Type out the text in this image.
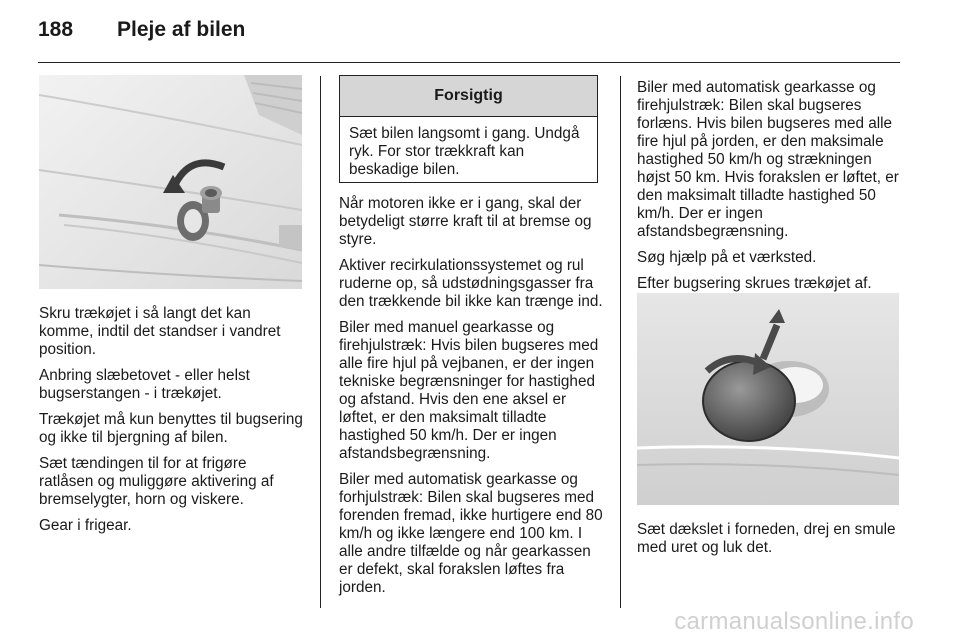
188 Pleje af bilen

Skru trækøjet i så langt det kan komme, indtil det standser i vandret position.

Anbring slæbetovet - eller helst bugserstangen - i trækøjet.

Trækøjet må kun benyttes til bugsering og ikke til bjergning af bilen.

Sæt tændingen til for at frigøre ratlåsen og muliggøre aktivering af bremselygter, horn og viskere.

Gear i frigear.

Forsigtig
Sæt bilen langsomt i gang. Undgå ryk. For stor trækkraft kan beskadige bilen.

Når motoren ikke er i gang, skal der betydeligt større kraft til at bremse og styre.

Aktiver recirkulationssystemet og rul ruderne op, så udstødningsgasser fra den trækkende bil ikke kan trænge ind.

Biler med manuel gearkasse og firehjulstræk: Hvis bilen bugseres med alle fire hjul på vejbanen, er der ingen tekniske begrænsninger for hastighed og afstand. Hvis den ene aksel er løftet, er den maksimalt tilladte hastighed 50 km/h. Der er ingen afstandsbegrænsning.

Biler med automatisk gearkasse og forhjulstræk: Bilen skal bugseres med forenden fremad, ikke hurtigere end 80 km/h og ikke længere end 100 km. I alle andre tilfælde og når gearkassen er defekt, skal forakslen løftes fra jorden.

Biler med automatisk gearkasse og firehjulstræk: Bilen skal bugseres forlæns. Hvis bilen bugseres med alle fire hjul på jorden, er den maksimale hastighed 50 km/h og strækningen højst 50 km. Hvis forakslen er løftet, er den maksimalt tilladte hastighed 50 km/h. Der er ingen afstandsbegrænsning.

Søg hjælp på et værksted.

Efter bugsering skrues trækøjet af.

Sæt dækslet i forneden, drej en smule med uret og luk det.

carmanualsonline.info
